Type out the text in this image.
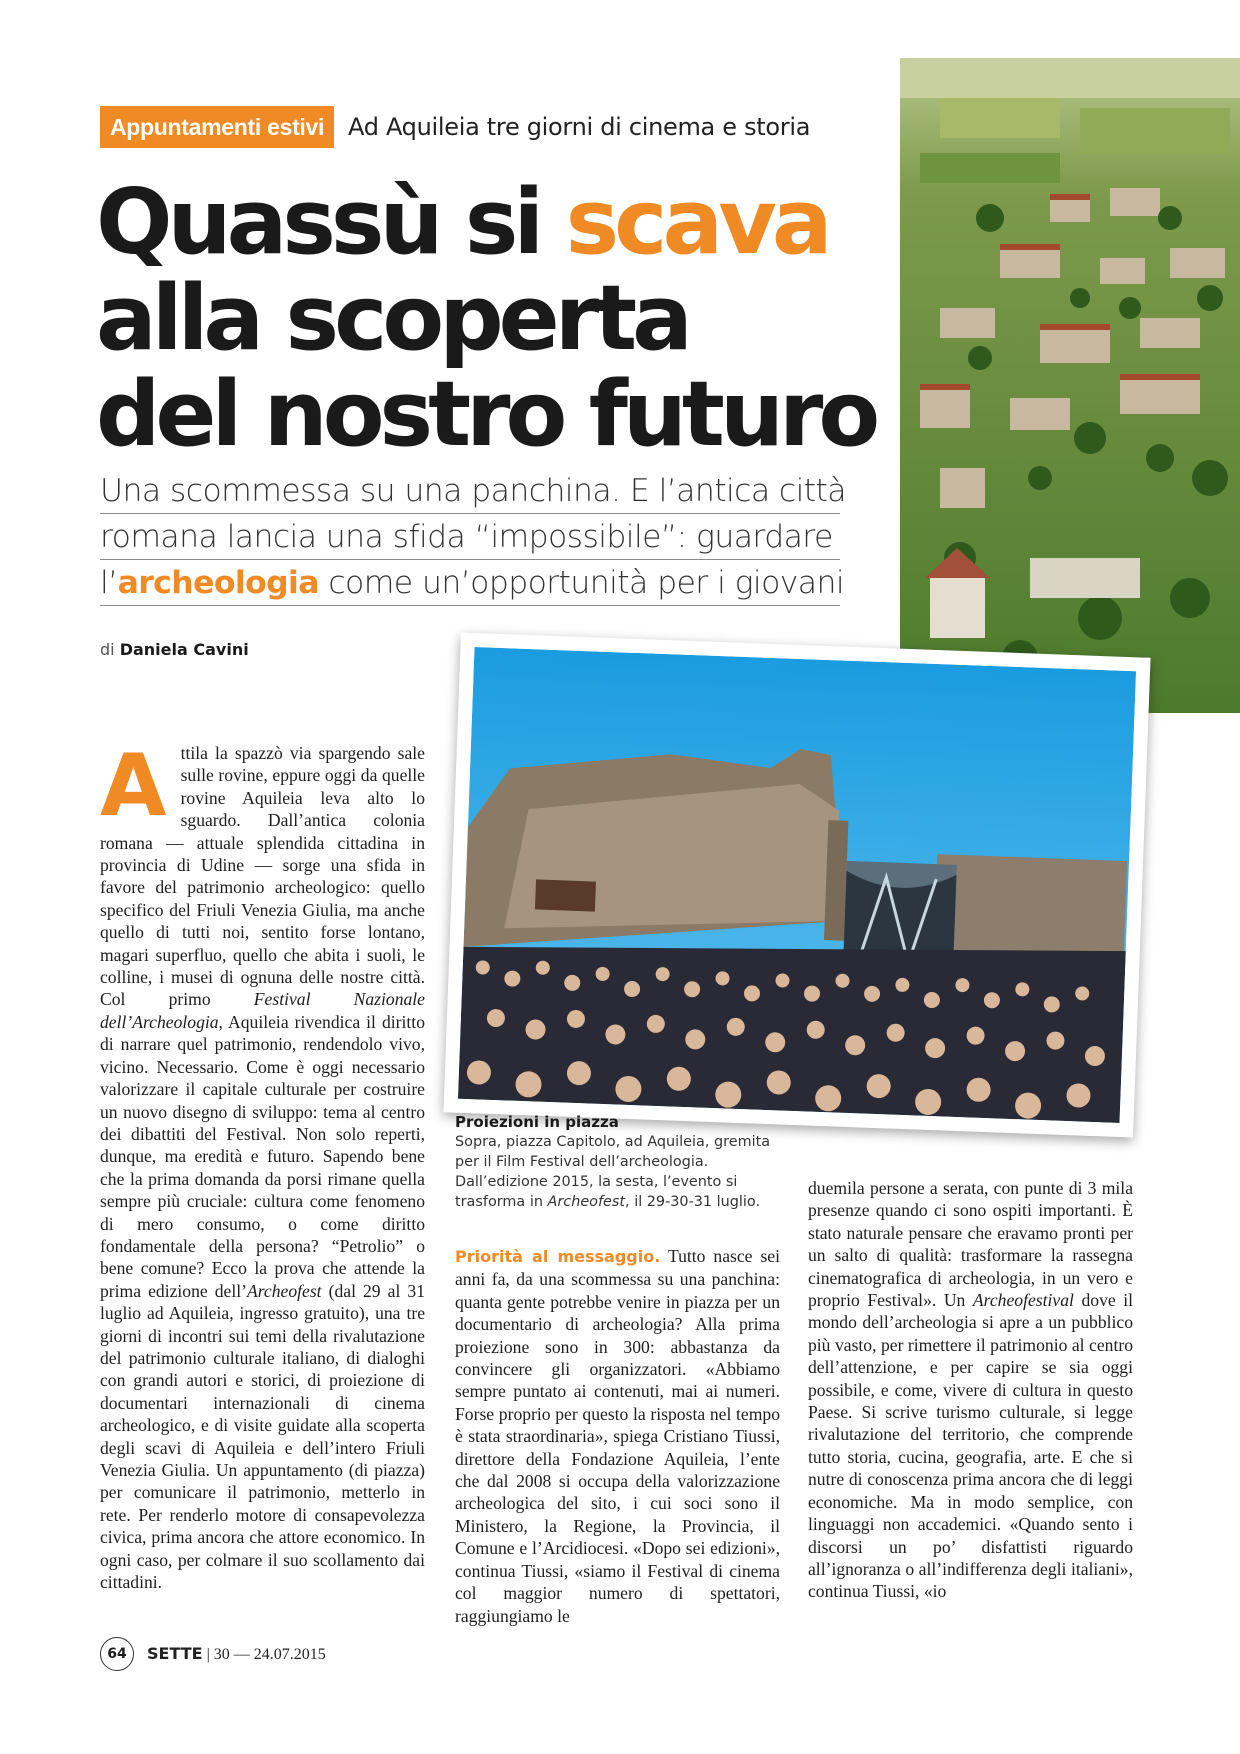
Appuntamenti estivi Ad Aquileia tre giorni di cinema e storia
Quassù si scava
alla scoperta
del nostro futuro
Una scommessa su una panchina. E l’antica città
romana lancia una sfida “impossibile”: guardare
l’archeologia come un’opportunità per i giovani
di Daniela Cavini
Attila la spazzò via spargendo sale sulle rovine, eppure oggi da quelle rovine Aquileia leva alto lo sguardo. Dall’antica colonia romana — attuale splendida cittadina in provincia di Udine — sorge una sfida in favore del patrimonio archeologico: quello specifico del Friuli Venezia Giulia, ma anche quello di tutti noi, sentito forse lontano, magari superfluo, quello che abita i suoli, le colline, i musei di ognuna delle nostre città. Col primo Festival Nazionale dell’Archeologia, Aquileia rivendica il diritto di narrare quel patrimonio, rendendolo vivo, vicino. Necessario. Come è oggi necessario valorizzare il capitale culturale per costruire un nuovo disegno di sviluppo: tema al centro dei dibattiti del Festival. Non solo reperti, dunque, ma eredità e futuro. Sapendo bene che la prima domanda da porsi rimane quella sempre più cruciale: cultura come fenomeno di mero consumo, o come diritto fondamentale della persona? “Petrolio” o bene comune? Ecco la prova che attende la prima edizione dell’Archeofest (dal 29 al 31 luglio ad Aquileia, ingresso gratuito), una tre giorni di incontri sui temi della rivalutazione del patrimonio culturale italiano, di dialoghi con grandi autori e storici, di proiezione di documentari internazionali di cinema archeologico, e di visite guidate alla scoperta degli scavi di Aquileia e dell’intero Friuli Venezia Giulia. Un appuntamento (di piazza) per comunicare il patrimonio, metterlo in rete. Per renderlo motore di consapevolezza civica, prima ancora che attore economico. In ogni caso, per colmare il suo scollamento dai cittadini.
Proiezioni in piazza
Sopra, piazza Capitolo, ad Aquileia, gremita per il Film Festival dell’archeologia. Dall’edizione 2015, la sesta, l’evento si trasforma in Archeofest, il 29-30-31 luglio.
Priorità al messaggio. Tutto nasce sei anni fa, da una scommessa su una panchina: quanta gente potrebbe venire in piazza per un documentario di archeologia? Alla prima proiezione sono in 300: abbastanza da convincere gli organizzatori. «Abbiamo sempre puntato ai contenuti, mai ai numeri. Forse proprio per questo la risposta nel tempo è stata straordinaria», spiega Cristiano Tiussi, direttore della Fondazione Aquileia, l’ente che dal 2008 si occupa della valorizzazione archeologica del sito, i cui soci sono il Ministero, la Regione, la Provincia, il Comune e l’Arcidiocesi. «Dopo sei edizioni», continua Tiussi, «siamo il Festival di cinema col maggior numero di spettatori, raggiungiamo le
duemila persone a serata, con punte di 3 mila presenze quando ci sono ospiti importanti. È stato naturale pensare che eravamo pronti per un salto di qualità: trasformare la rassegna cinematografica di archeologia, in un vero e proprio Festival». Un Archeofestival dove il mondo dell’archeologia si apre a un pubblico più vasto, per rimettere il patrimonio al centro dell’attenzione, e per capire se sia oggi possibile, e come, vivere di cultura in questo Paese. Si scrive turismo culturale, si legge rivalutazione del territorio, che comprende tutto storia, cucina, geografia, arte. E che si nutre di conoscenza prima ancora che di leggi economiche. Ma in modo semplice, con linguaggi non accademici. «Quando sento i discorsi un po’ disfattisti riguardo all’ignoranza o all’indifferenza degli italiani», continua Tiussi, «io
64	SETTE | 30 — 24.07.2015
